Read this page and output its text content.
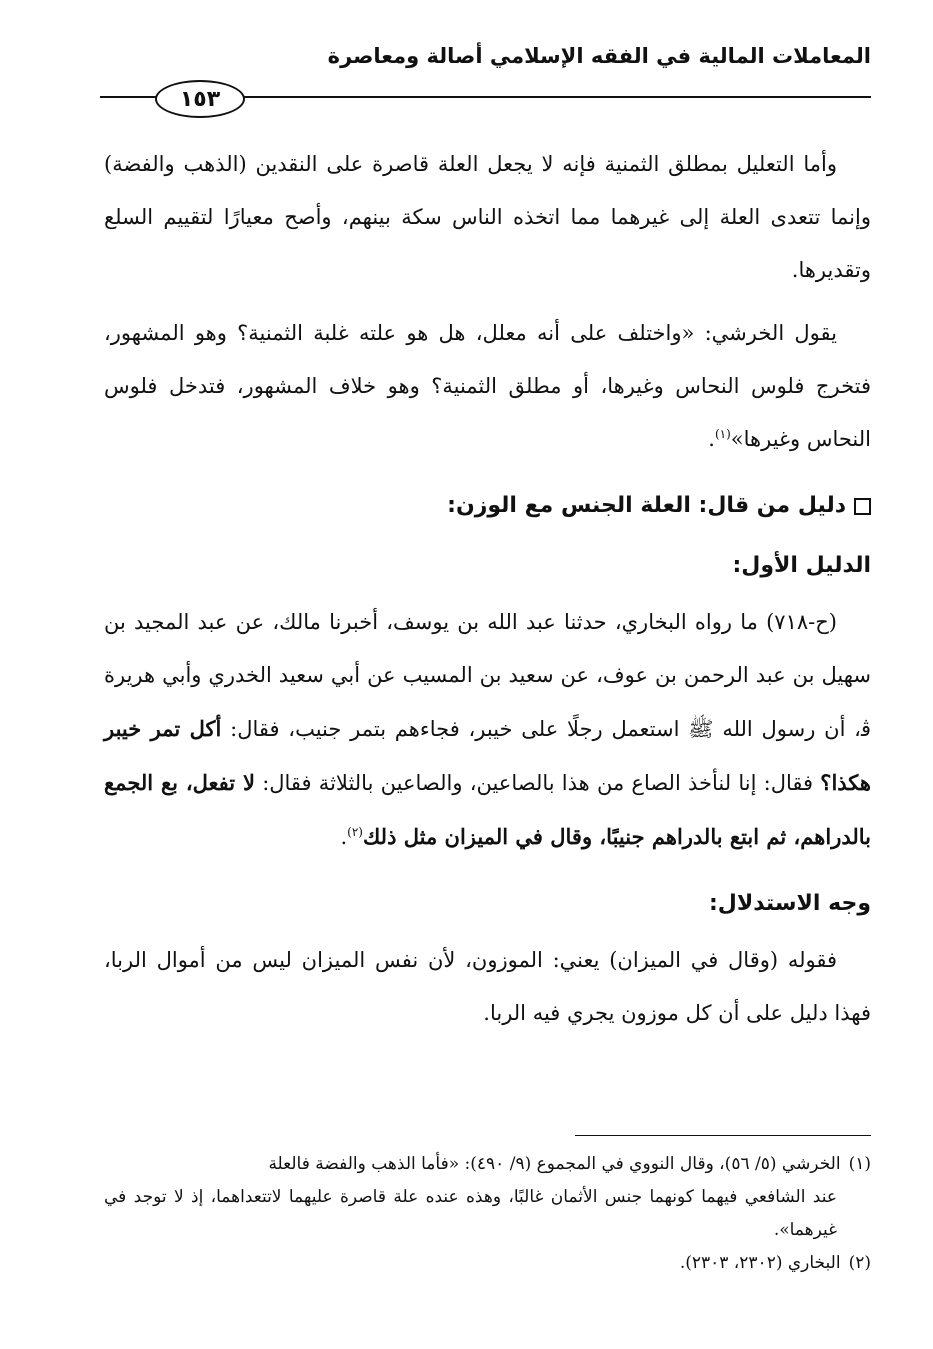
المعاملات المالية في الفقه الإسلامي أصالة ومعاصرة
١٥٣

وأما التعليل بمطلق الثمنية فإنه لا يجعل العلة قاصرة على النقدين (الذهب والفضة) وإنما تتعدى العلة إلى غيرهما مما اتخذه الناس سكة بينهم، وأصح معيارًا لتقييم السلع وتقديرها.

يقول الخرشي: «واختلف على أنه معلل، هل هو علته غلبة الثمنية؟ وهو المشهور، فتخرج فلوس النحاس وغيرها، أو مطلق الثمنية؟ وهو خلاف المشهور، فتدخل فلوس النحاس وغيرها»$^{(١)}$.

دليل من قال: العلة الجنس مع الوزن:

الدليل الأول:

(ح-٧١٨) ما رواه البخاري، حدثنا عبد الله بن يوسف، أخبرنا مالك، عن عبد المجيد بن سهيل بن عبد الرحمن بن عوف، عن سعيد بن المسيب عن أبي سعيد الخدري وأبي هريرة ﭬ، أن رسول الله ﷺ استعمل رجلًا على خيبر، فجاءهم بتمر جنيب، فقال: أكل تمر خيبر هكذا؟ فقال: إنا لنأخذ الصاع من هذا بالصاعين، والصاعين بالثلاثة فقال: لا تفعل، بع الجمع بالدراهم، ثم ابتع بالدراهم جنيبًا، وقال في الميزان مثل ذلك$^{(٢)}$.

وجه الاستدلال:

فقوله (وقال في الميزان) يعني: الموزون، لأن نفس الميزان ليس من أموال الربا، فهذا دليل على أن كل موزون يجري فيه الربا.

(١)الخرشي (٥/ ٥٦)، وقال النووي في المجموع (٩/ ٤٩٠): «فأما الذهب والفضة فالعلة

عند الشافعي فيهما كونهما جنس الأثمان غالبًا، وهذه عنده علة قاصرة عليهما لاتتعداهما، إذ لا توجد في غيرهما».

(٢)البخاري (٢٣٠٢، ٢٣٠٣).
